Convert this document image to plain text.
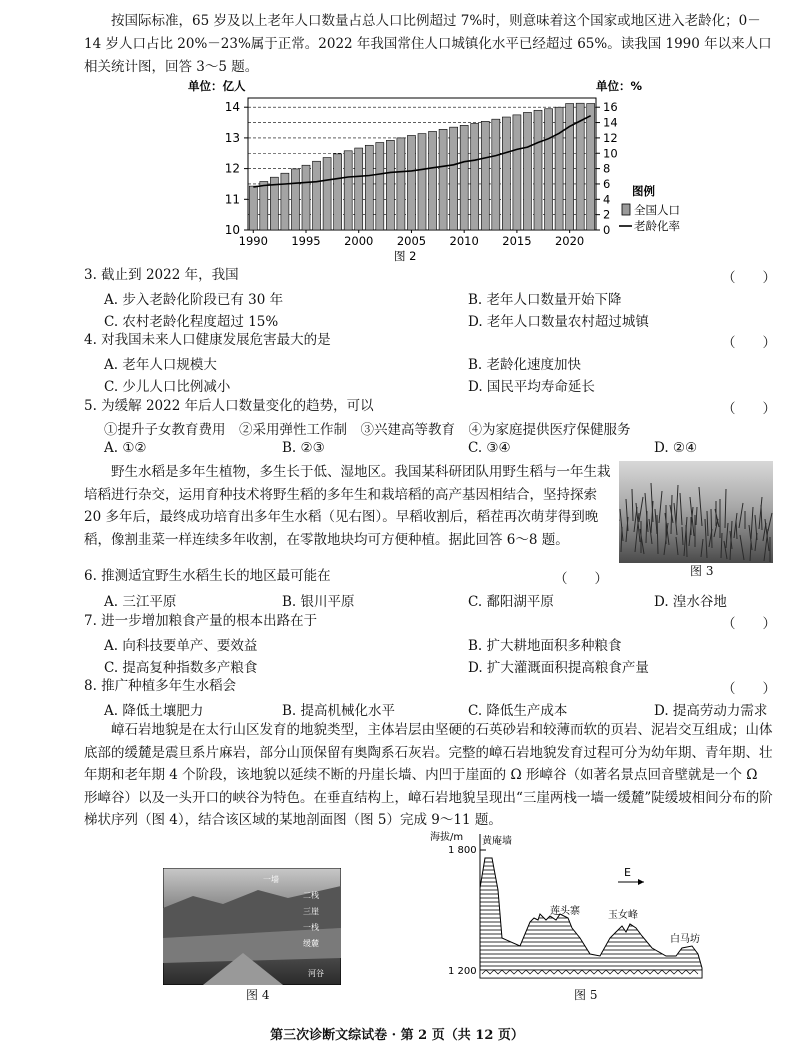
按国际标准，65 岁及以上老年人口数量占总人口比例超过 7%时，则意味着这个国家或地区进入老龄化；0－14 岁人口占比 20%－23%属于正常。2022 年我国常住人口城镇化水平已经超过 65%。读我国 1990 年以来人口相关统计图，回答 3～5 题。
单位：亿人	单位：%
10
11
12
13
14
0
2
4
6
8
10
12
14
16
1990 1995 2000 2005 2010 2015 2020
图例
全国人口
老龄化率
图 2
3. 截止到 2022 年，我国	（　　）
A. 步入老龄化阶段已有 30 年	B. 老年人口数量开始下降
C. 农村老龄化程度超过 15%	D. 老年人口数量农村超过城镇
4. 对我国未来人口健康发展危害最大的是	（　　）
A. 老年人口规模大	B. 老龄化速度加快
C. 少儿人口比例减小	D. 国民平均寿命延长
5. 为缓解 2022 年后人口数量变化的趋势，可以	（　　）
①提升子女教育费用　②采用弹性工作制　③兴建高等教育　④为家庭提供医疗保健服务
A. ①②	B. ②③	C. ③④	D. ②④
野生水稻是多年生植物，多生长于低、湿地区。我国某科研团队用野生稻与一年生栽培稻进行杂交，运用育种技术将野生稻的多年生和栽培稻的高产基因相结合，坚持探索 20 多年后，最终成功培育出多年生水稻（见右图）。早稻收割后，稻茬再次萌芽得到晚稻，像割韭菜一样连续多年收割，在零散地块均可方便种植。据此回答 6～8 题。
图 3
6. 推测适宜野生水稻生长的地区最可能在	（　　）
A. 三江平原	B. 银川平原	C. 鄱阳湖平原	D. 湟水谷地
7. 进一步增加粮食产量的根本出路在于	（　　）
A. 向科技要单产、要效益	B. 扩大耕地面积多种粮食
C. 提高复种指数多产粮食	D. 扩大灌溉面积提高粮食产量
8. 推广种植多年生水稻会	（　　）
A. 降低土壤肥力	B. 提高机械化水平	C. 降低生产成本	D. 提高劳动力需求
嶂石岩地貌是在太行山区发育的地貌类型，主体岩层由坚硬的石英砂岩和较薄而软的页岩、泥岩交互组成；山体底部的缓麓是震旦系片麻岩，部分山顶保留有奥陶系石灰岩。完整的嶂石岩地貌发育过程可分为幼年期、青年期、壮年期和老年期 4 个阶段，该地貌以延续不断的丹崖长墙、内凹于崖面的 Ω 形嶂谷（如著名景点回音壁就是一个 Ω 形嶂谷）以及一头开口的峡谷为特色。在垂直结构上，嶂石岩地貌呈现出“三崖两栈一墙一缓麓”陡缓坡相间分布的阶梯状序列（图 4），结合该区域的某地剖面图（图 5）完成 9～11 题。
一墙
二栈
三崖
一栈
缓麓
河谷
图 4
海拔/m 黄庵墙
1 800
1 200
E
莲头寨	玉女峰
白马坊
图 5
第三次诊断文综试卷 · 第 2 页（共 12 页）
